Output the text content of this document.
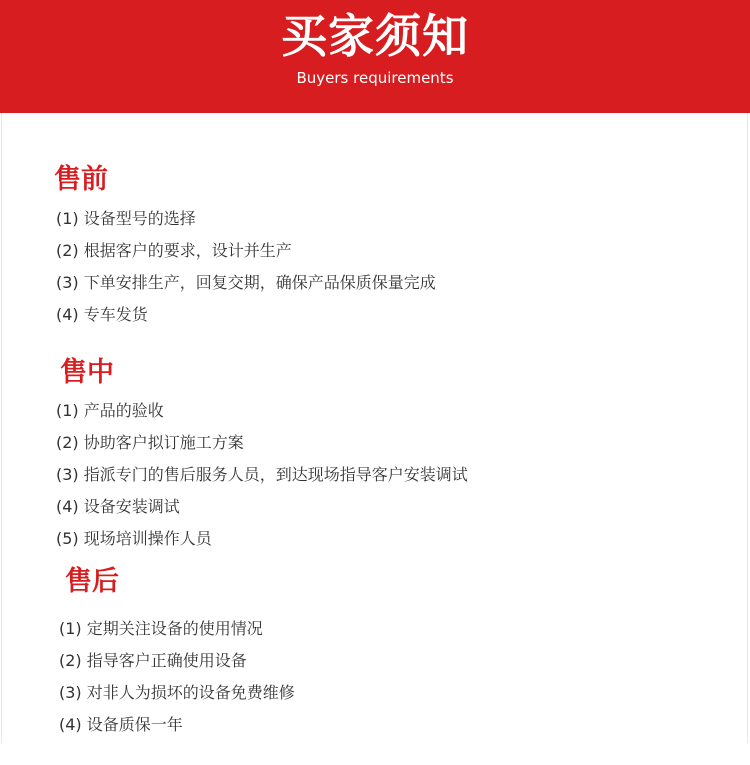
买家须知
Buyers requirements
售前
(1) 设备型号的选择
(2) 根据客户的要求，设计并生产
(3) 下单安排生产，回复交期，确保产品保质保量完成
(4) 专车发货
售中
(1) 产品的验收
(2) 协助客户拟订施工方案
(3) 指派专门的售后服务人员，到达现场指导客户安装调试
(4) 设备安装调试
(5) 现场培训操作人员
售后
(1) 定期关注设备的使用情况
(2) 指导客户正确使用设备
(3) 对非人为损坏的设备免费维修
(4) 设备质保一年
